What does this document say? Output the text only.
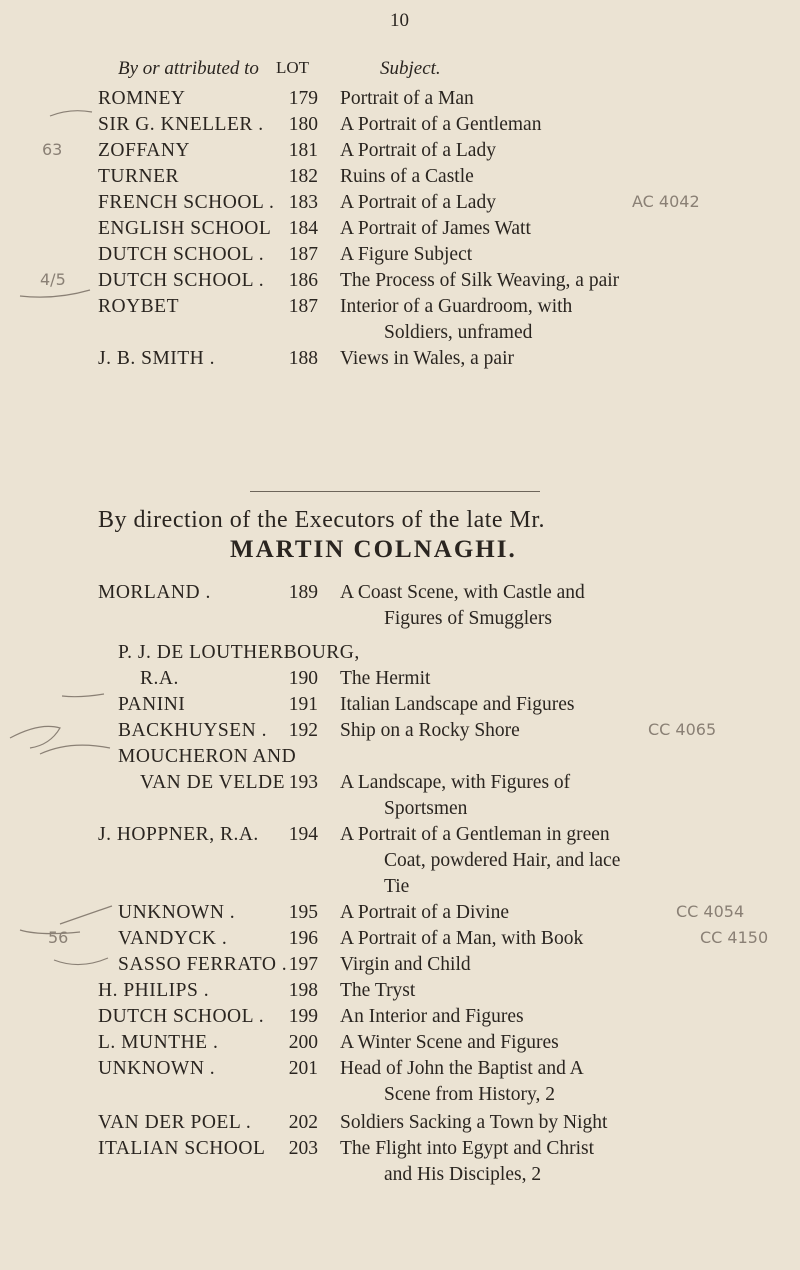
10
By or attributed to LOT	Subject.
ROMNEY	179 Portrait of a Man
SIR G. KNELLER .	180 A Portrait of a Gentleman
ZOFFANY	181 A Portrait of a Lady
TURNER	182 Ruins of a Castle
FRENCH SCHOOL . 183 A Portrait of a Lady
ENGLISH SCHOOL 184 A Portrait of James Watt
DUTCH SCHOOL .	187 A Figure Subject
DUTCH SCHOOL .	186 The Process of Silk Weaving, a pair
ROYBET	187 Interior of a Guardroom, with
Soldiers, unframed
J. B. SMITH .	188 Views in Wales, a pair
By direction of the Executors of the late Mr.
MARTIN COLNAGHI.
MORLAND .	189 A Coast Scene, with Castle and
Figures of Smugglers
P. J. DE LOUTHERBOURG,
R.A.	190 The Hermit
PANINI	191 Italian Landscape and Figures
BACKHUYSEN .	192 Ship on a Rocky Shore
MOUCHERON AND
VAN DE VELDE 193 A Landscape, with Figures of
Sportsmen
J. HOPPNER, R.A.	194 A Portrait of a Gentleman in green
Coat, powdered Hair, and lace
Tie
UNKNOWN .	195 A Portrait of a Divine
VANDYCK .	196 A Portrait of a Man, with Book
SASSO FERRATO . 197 Virgin and Child
H. PHILIPS .	198 The Tryst
DUTCH SCHOOL .	199 An Interior and Figures
L. MUNTHE .	200 A Winter Scene and Figures
UNKNOWN .	201 Head of John the Baptist and A
Scene from History, 2
VAN DER POEL .	202 Soldiers Sacking a Town by Night
ITALIAN SCHOOL	203 The Flight into Egypt and Christ
and His Disciples, 2
AC 4042
CC 4065
CC 4054
CC 4150
63
4/5
56
